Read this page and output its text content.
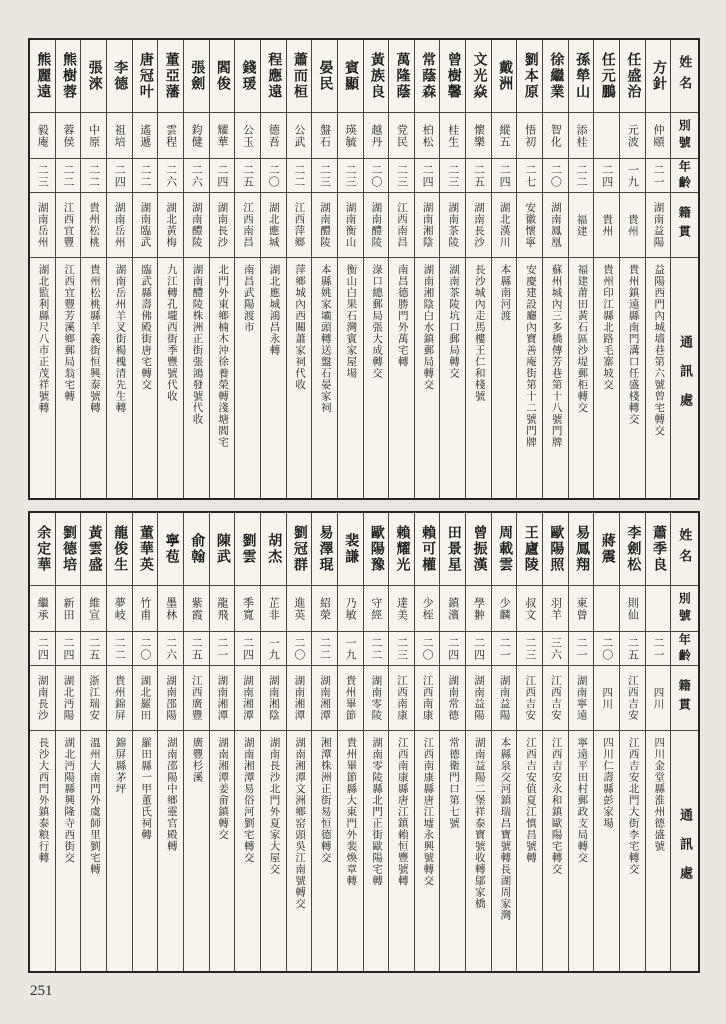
姓名
別號
年齡
籍貫
通訊處
方針
仲頤
二一
湖南益陽
益陽西門內城墙巷第六號曾宅轉交
任盛治
元波
一九
貴州
貴州鎮遠縣南門溝口任盛棧轉交
任元鵬
二四
貴州
貴州印江縣北路毛寨坡交
孫犖山
添桂
二二
福建
福建莆田黃石區沙堤郵柜轉交
徐繼業
智化
二〇
湖南鳳凰
蘇州城內三多橋傳芳巷第十八號門牌
劉本原
悟初
二七
安徽懷寧
安慶建設廳內寶善庵街第十二號門牌
戴洲
縱五
二四
湖北漢川
本縣南河渡
文光焱
懷樂
二五
湖南長沙
長沙城內走馬樓王仁和棧號
曾樹馨
桂生
二三
湖南茶陵
湖南茶陵坑口郵局轉交
常蔭森
柏松
二四
湖南湘陰
湖南湘陰白水鎮郵局轉交
萬隆蔭
党民
二三
江西南昌
南昌德勝門外萬宅轉
黃族良
越丹
二〇
湖南醴陵
淥口總郵局張大成轉交
賓顯
瑛毓
二三
湖南衡山
衡山白果石灣賓家屋場
晏民
盤石
二三
湖南醴陵
本縣姚家壩頭轉送盤石晏家祠
蕭而桓
公武
二二
江西萍鄉
萍鄉城內西關蕭家祠代收
程應遠
德吾
二〇
湖北應城
湖北應城鴻昌永轉
錢瑗
公玉
二五
江西南昌
南昌武陽渡市
閻俊
耀華
二四
湖南長沙
北門外東鄉楠木沖徐養榮轉淺塘閻宅
張劍
鈞健
二六
湖南醴陵
湖南醴陵株洲正街張鴻發號代收
董亞藩
雲程
二六
湖北黃梅
九江轉孔壠西街季豐號代收
唐冠叶
遙遞
二二
湖南臨武
臨武縣壽佛殿街唐宅轉交
李德
祖培
二四
湖南岳州
湖南岳州羊叉街楊槐清先生轉
張淶
中原
二二
貴州松桃
貴州松桃縣羊義街恒興泰號轉
熊樹蓉
蓉侯
二二
江西宜豐
江西宜豐芳溪鄉郵局翁宅轉
熊麗遠
毅庵
二三
湖南岳州
湖北監利縣尺八市正茂祥號轉
姓名
別號
年齡
籍貫
通訊處
蕭季良
二一
四川
四川金堂縣淮州德盛號
李劍松
則仙
二五
江西吉安
江西吉安北門大街李宅轉交
蔣震
二〇
四川
四川仁壽縣彭家場
易鳳翔
東曾
二一
湖南寧遠
寧遠平田村郵政支局轉交
歐陽照
羽羊
三六
江西吉安
江西吉安永和鎮歐陽宅轉交
王廬陵
叔文
二三
江西吉安
江西吉安值夏江慎昌號轉
周載雲
少麟
二一
湖南益陽
本縣泉交河鎮瑞昌寶號轉長湖周家灣
曾振漢
學翀
二四
湖南益陽
湖南益陽二堡祥泰寶號收轉鄔家橋
田景星
鎮濱
二四
湖南常德
常德衛門口第七號
賴可權
少桎
二〇
江西南康
江西南康縣唐江墟永興號轉交
賴耀光
達美
二三
江西南康
江西南康縣唐江鎮賴恒豐號轉
歐陽豫
守經
二二
湖南零陵
湖南零陵縣北門正街歐陽宅轉
裴謙
乃敏
一九
貴州畢節
貴州畢節縣大東門外裴煥章轉
易澤琨
紹榮
二二
湖南湘潭
湘潭株洲正街易恒德轉交
劉冠群
進英
二〇
湖南湘潭
湖南湘潭文洲鄉窑頭吳江南號轉交
胡杰
芷非
一九
湖南湘陰
湖南長沙北門外夏家大屋交
劉雲
季寬
二四
湖南湘潭
湖南湘潭易俗河劉宅轉交
陳武
龍飛
二一
湖南湘潭
湖南湘潭姜畲鎮轉交
俞翰
紫霞
二五
江西廣豐
廣豐杉溪
寧苞
墨林
二六
湖南邵陽
湖南邵陽中鄉靈官殿轉
董華英
竹甫
二〇
湖北羅田
羅田縣一甲董氏祠轉
龍俊生
夢岐
二二
貴州錦屏
錦屏縣茅坪
黃雲盛
維宣
二五
浙江瑞安
溫州大南門外虞師里劉宅轉
劉德培
新田
二四
湖北沔陽
湖北沔陽縣興隆寺西街交
余定華
繼承
二四
湖南長沙
長沙大西門外鎮泰粮行轉
251
